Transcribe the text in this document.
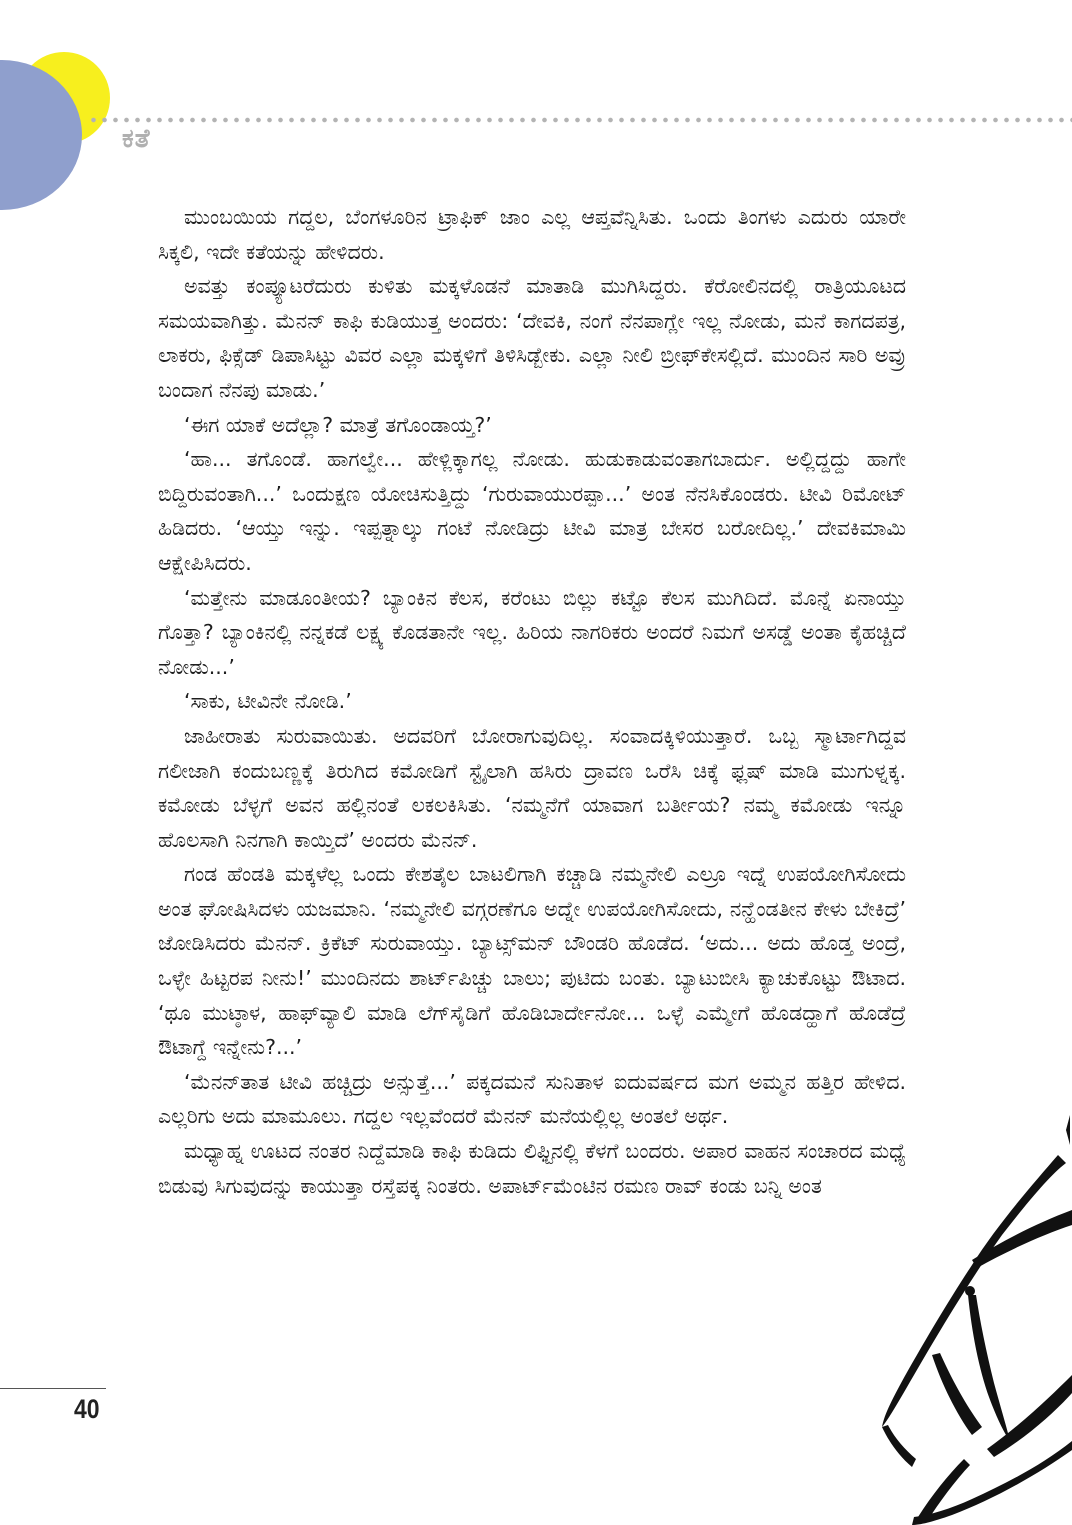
ಕತೆ

ಮುಂಬಯಿಯ ಗದ್ದಲ, ಬೆಂಗಳೂರಿನ ಟ್ರಾಫಿಕ್ ಜಾಂ ಎಲ್ಲ ಆಪ್ತವೆನ್ನಿಸಿತು. ಒಂದು ತಿಂಗಳು ಎದುರು ಯಾರೇ ಸಿಕ್ಕಲಿ, ಇದೇ ಕತೆಯನ್ನು ಹೇಳಿದರು.

ಅವತ್ತು ಕಂಪ್ಯೂಟರೆದುರು ಕುಳಿತು ಮಕ್ಕಳೊಡನೆ ಮಾತಾಡಿ ಮುಗಿಸಿದ್ದರು. ಕೆರೋಲಿನದಲ್ಲಿ ರಾತ್ರಿಯೂಟದ ಸಮಯವಾಗಿತ್ತು. ಮೆನನ್ ಕಾಫಿ ಕುಡಿಯುತ್ತ ಅಂದರು: ‘ದೇವಕಿ, ನಂಗೆ ನೆನಪಾಗ್ಲೇ ಇಲ್ಲ ನೋಡು, ಮನೆ ಕಾಗದಪತ್ರ, ಲಾಕರು, ಫಿಕ್ಸೆಡ್ ಡಿಪಾಸಿಟ್ಟು ವಿವರ ಎಲ್ಲಾ ಮಕ್ಕಳಿಗೆ ತಿಳಿಸಿಡ್ಬೇಕು. ಎಲ್ಲಾ ನೀಲಿ ಬ್ರೀಫ್‌ಕೇಸಲ್ಲಿದೆ. ಮುಂದಿನ ಸಾರಿ ಅವ್ರು ಬಂದಾಗ ನೆನಪು ಮಾಡು.’

‘ಈಗ ಯಾಕೆ ಅದೆಲ್ಲಾ? ಮಾತ್ರೆ ತಗೊಂಡಾಯ್ತ?’

‘ಹಾ... ತಗೊಂಡೆ. ಹಾಗಲ್ವೇ... ಹೇಳ್ಲಿಕ್ಕಾಗಲ್ಲ ನೋಡು. ಹುಡುಕಾಡುವಂತಾಗಬಾರ್ದು. ಅಲ್ಲಿದ್ದದ್ದು ಹಾಗೇ ಬಿದ್ದಿರುವಂತಾಗಿ...’ ಒಂದುಕ್ಷಣ ಯೋಚಿಸುತ್ತಿದ್ದು ‘ಗುರುವಾಯುರಪ್ಪಾ...’ ಅಂತ ನೆನಸಿಕೊಂಡರು. ಟೀವಿ ರಿಮೋಟ್ ಹಿಡಿದರು. ‘ಆಯ್ತು ಇನ್ನು. ಇಪ್ಪತ್ನಾಲ್ಕು ಗಂಟೆ ನೋಡಿದ್ರು ಟೀವಿ ಮಾತ್ರ ಬೇಸರ ಬರೋದಿಲ್ಲ.’ ದೇವಕಿಮಾಮಿ ಆಕ್ಷೇಪಿಸಿದರು.

‘ಮತ್ತೇನು ಮಾಡೂಂತೀಯ? ಬ್ಯಾಂಕಿನ ಕೆಲಸ, ಕರೆಂಟು ಬಿಲ್ಲು ಕಟ್ಟೊ ಕೆಲಸ ಮುಗಿದಿದೆ. ಮೊನ್ನೆ ಏನಾಯ್ತು ಗೊತ್ತಾ? ಬ್ಯಾಂಕಿನಲ್ಲಿ ನನ್ನಕಡೆ ಲಕ್ಷ್ಯ ಕೊಡತಾನೇ ಇಲ್ಲ. ಹಿರಿಯ ನಾಗರಿಕರು ಅಂದರೆ ನಿಮಗೆ ಅಸಡ್ಡೆ ಅಂತಾ ಕೈಹಚ್ಚಿದೆ ನೋಡು...’

‘ಸಾಕು, ಟೀವಿನೇ ನೋಡಿ.’

ಜಾಹೀರಾತು ಸುರುವಾಯಿತು. ಅದವರಿಗೆ ಬೋರಾಗುವುದಿಲ್ಲ. ಸಂವಾದಕ್ಕಿಳಿಯುತ್ತಾರೆ. ಒಬ್ಬ ಸ್ಮಾರ್ಟಾಗಿದ್ದವ ಗಲೀಜಾಗಿ ಕಂದುಬಣ್ಣಕ್ಕೆ ತಿರುಗಿದ ಕಮೋಡಿಗೆ ಸ್ಟೈಲಾಗಿ ಹಸಿರು ದ್ರಾವಣ ಒರೆಸಿ ಚಿಕ್ಕೆ ಫ್ಲಷ್ ಮಾಡಿ ಮುಗುಳ್ನಕ್ಕ. ಕಮೋಡು ಬೆಳ್ಳಗೆ ಅವನ ಹಲ್ಲಿನಂತೆ ಲಕಲಕಿಸಿತು. ‘ನಮ್ಮನೆಗೆ ಯಾವಾಗ ಬರ್ತೀಯ? ನಮ್ಮ ಕಮೋಡು ಇನ್ನೂ ಹೊಲಸಾಗಿ ನಿನಗಾಗಿ ಕಾಯ್ತಿದೆ’ ಅಂದರು ಮೆನನ್.

ಗಂಡ ಹೆಂಡತಿ ಮಕ್ಕಳೆಲ್ಲ ಒಂದು ಕೇಶತೈಲ ಬಾಟಲಿಗಾಗಿ ಕಚ್ಚಾಡಿ ನಮ್ಮನೇಲಿ ಎಲ್ರೂ ಇದ್ನೆ ಉಪಯೋಗಿಸೋದು ಅಂತ ಘೋಷಿಸಿದಳು ಯಜಮಾನಿ. ‘ನಮ್ಮನೇಲಿ ವಗ್ಗರಣೆಗೂ ಅದ್ನೇ ಉಪಯೋಗಿಸೋದು, ನನ್ಹೆಂಡತೀನ ಕೇಳು ಬೇಕಿದ್ರೆ’ ಜೋಡಿಸಿದರು ಮೆನನ್. ಕ್ರಿಕೆಟ್ ಸುರುವಾಯ್ತು. ಬ್ಯಾಟ್ಸ್‌ಮನ್ ಬೌಂಡರಿ ಹೊಡೆದ. ‘ಅದು... ಅದು ಹೊಡ್ತ ಅಂದ್ರೆ, ಒಳ್ಳೇ ಹಿಟ್ಟರಪ ನೀನು!’ ಮುಂದಿನದು ಶಾರ್ಟ್‌ಪಿಚ್ಚು ಬಾಲು; ಪುಟಿದು ಬಂತು. ಬ್ಯಾಟುಬೀಸಿ ಕ್ಯಾಚುಕೊಟ್ಟು ಔಟಾದ. ‘ಥೂ ಮುಟ್ಠಾಳ, ಹಾಫ್‌ವ್ಯಾಲಿ ಮಾಡಿ ಲೆಗ್‌ಸೈಡಿಗೆ ಹೊಡಿಬಾರ್ದೇನೋ... ಒಳ್ಳೆ ಎಮ್ಮೇಗೆ ಹೊಡದ್ಹಾಗೆ ಹೊಡೆದ್ರೆ ಔಟಾಗ್ದೆ ಇನ್ನೇನು?...’

‘ಮೆನನ್‌ತಾತ ಟೀವಿ ಹಚ್ಚಿದ್ರು ಅನ್ಸುತ್ತೆ...’ ಪಕ್ಕದಮನೆ ಸುನಿತಾಳ ಐದುವರ್ಷದ ಮಗ ಅಮ್ಮನ ಹತ್ತಿರ ಹೇಳಿದ. ಎಲ್ಲರಿಗು ಅದು ಮಾಮೂಲು. ಗದ್ದಲ ಇಲ್ಲವೆಂದರೆ ಮೆನನ್ ಮನೆಯಲ್ಲಿಲ್ಲ ಅಂತಲೆ ಅರ್ಥ.

ಮಧ್ಯಾಹ್ನ ಊಟದ ನಂತರ ನಿದ್ದೆಮಾಡಿ ಕಾಫಿ ಕುಡಿದು ಲಿಫ್ಟಿನಲ್ಲಿ ಕೆಳಗೆ ಬಂದರು. ಅಪಾರ ವಾಹನ ಸಂಚಾರದ ಮಧ್ಯೆ ಬಿಡುವು ಸಿಗುವುದನ್ನು ಕಾಯುತ್ತಾ ರಸ್ತೆಪಕ್ಕ ನಿಂತರು. ಅಪಾರ್ಟ್‌ಮೆಂಟಿನ ರಮಣ ರಾವ್ ಕಂಡು ಬನ್ನಿ ಅಂತ

40
